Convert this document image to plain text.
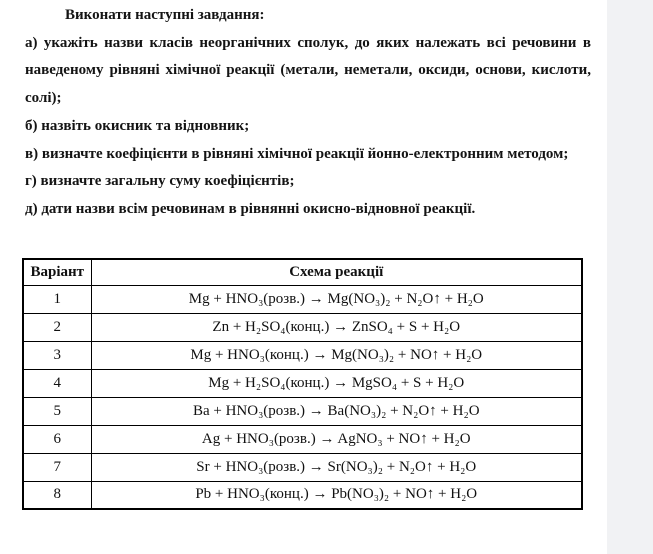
Виконати наступні завдання:

а) укажіть назви класів неорганічних сполук, до яких належать всі речовини в наведеному рівняні хімічної реакції (метали, неметали, оксиди, основи, кислоти, солі);

б) назвіть окисник та відновник;

в) визначте коефіцієнти в рівняні хімічної реакції йонно-електронним методом;

г) визначте загальну суму коефіцієнтів;

д) дати назви всім речовинам в рівнянні окисно-відновної реакції.

Варіант	Схема реакції
1	Mg + HNO₃(розв.) → Mg(NO₃)₂ + N₂O↑ + H₂O
2	Zn + H₂SO₄(конц.) → ZnSO₄ + S + H₂O
3	Mg + HNO₃(конц.) → Mg(NO₃)₂ + NO↑ + H₂O
4	Mg + H₂SO₄(конц.) → MgSO₄ + S + H₂O
5	Ba + HNO₃(розв.) → Ba(NO₃)₂ + N₂O↑ + H₂O
6	Ag + HNO₃(розв.) → AgNO₃ + NO↑ + H₂O
7	Sr + HNO₃(розв.) → Sr(NO₃)₂ + N₂O↑ + H₂O
8	Pb + HNO₃(конц.) → Pb(NO₃)₂ + NO↑ + H₂O
